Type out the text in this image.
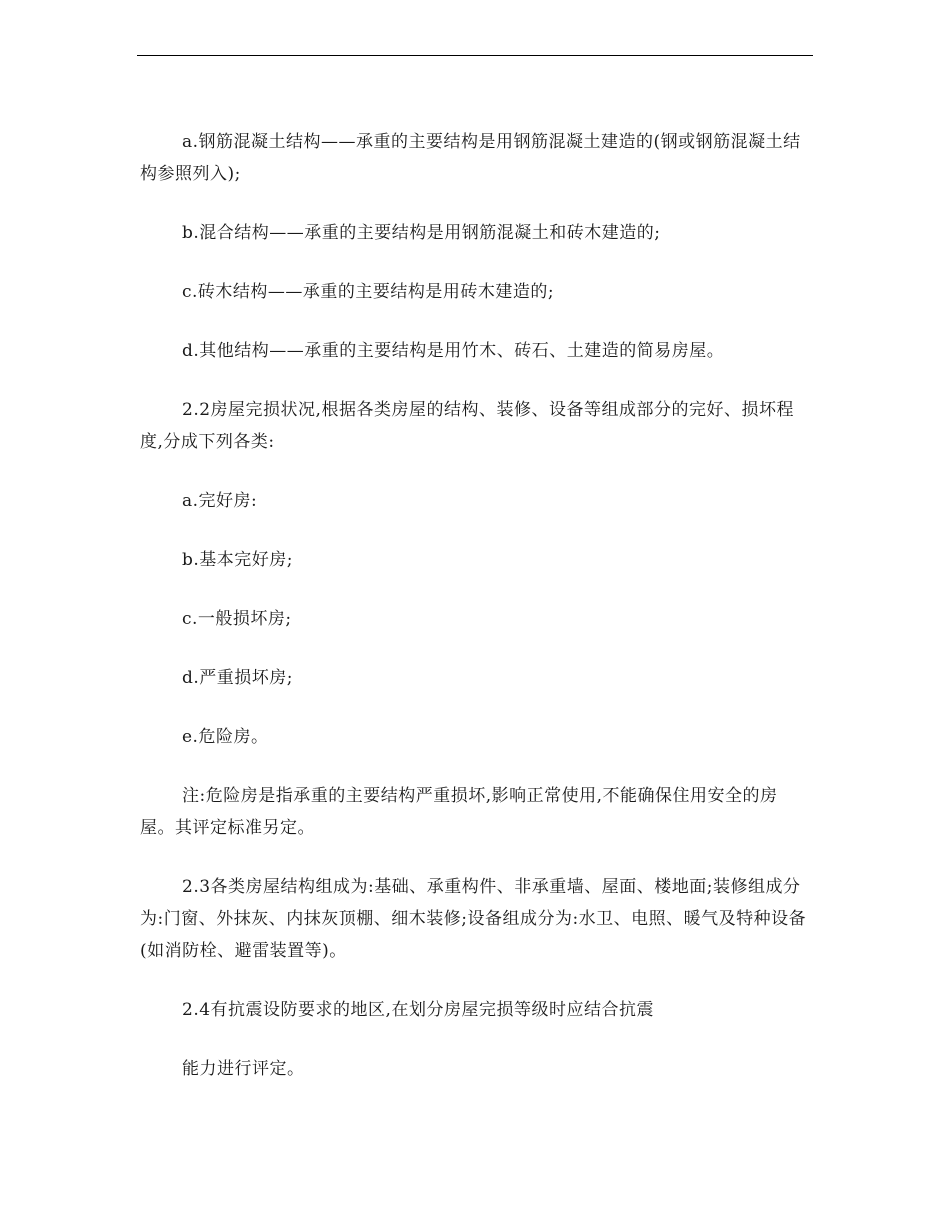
a.钢筋混凝土结构——承重的主要结构是用钢筋混凝土建造的(钢或钢筋混凝土结构参照列入);

b.混合结构——承重的主要结构是用钢筋混凝土和砖木建造的;

c.砖木结构——承重的主要结构是用砖木建造的;

d.其他结构——承重的主要结构是用竹木、砖石、土建造的简易房屋。

2.2房屋完损状况,根据各类房屋的结构、装修、设备等组成部分的完好、损坏程度,分成下列各类:

a.完好房:

b.基本完好房;

c.一般损坏房;

d.严重损坏房;

e.危险房。

注:危险房是指承重的主要结构严重损坏,影响正常使用,不能确保住用安全的房屋。其评定标准另定。

2.3各类房屋结构组成为:基础、承重构件、非承重墙、屋面、楼地面;装修组成分为:门窗、外抹灰、内抹灰顶棚、细木装修;设备组成分为:水卫、电照、暖气及特种设备(如消防栓、避雷装置等)。

2.4有抗震设防要求的地区,在划分房屋完损等级时应结合抗震

能力进行评定。
